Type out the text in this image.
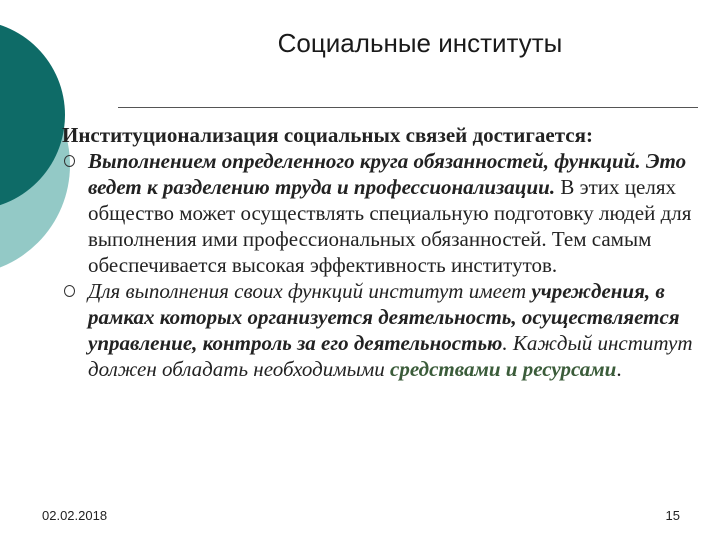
Социальные институты
Институционализация социальных связей достигается:
Выполнением определенного круга обязанностей, функций. Это ведет к разделению труда и профессионализации. В этих целях общество может осуществлять специальную подготовку людей для выполнения ими профессиональных обязанностей. Тем самым обеспечивается высокая эффективность институтов.
Для выполнения своих функций институт имеет учреждения, в рамках которых организуется деятельность, осуществляется управление, контроль за его деятельностью. Каждый институт должен обладать необходимыми средствами и ресурсами.
02.02.2018	15
